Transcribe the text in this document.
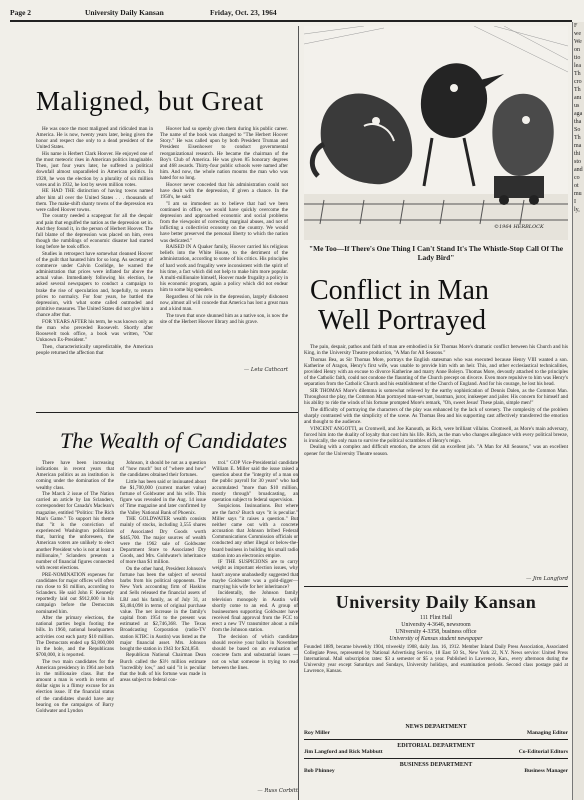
Page 2	University Daily Kansan	Friday, Oct. 23, 1964
F
we
We
on
tio
lea
Th
cro
Th
anı
us
aga
tha
So
Th
ma
thi
sto
and
co
ot
mu
I
ly,
Maligned, but Great

He was once the most maligned and ridiculed man in America. He is now, twenty years later, being given the honor and respect due only to a dead president of the United States.

His name is Herbert Clark Hoover. He enjoyed one of the most meteoric rises in American politics imaginable. Then, just four years later, he suffered a political downfall almost unparalleled in American politics. In 1928, he won the election by a plurality of six million votes and in 1932, he lost by seven million votes.

HE HAD THE distinction of having towns named after him all over the United States . . . thousands of them. The make-shift shanty towns of the depression era were called Hoover towns.

The country needed a scapegoat for all the despair and pain that engulfed the nation as the depression set in. And they found it, in the person of Herbert Hoover. The full blame of the depression was placed on him, even though the rumblings of economic disaster had started long before he took office.

Studies in retrospect have somewhat cleansed Hoover of the guilt that haunted him for so long. As secretary of commerce under Calvin Coolidge, he warned the administration that prices were inflated far above the actual value. Immediately following his election, he asked several newspapers to conduct a campaign to brake the rise of speculation and, hopefully, to return prices to normalcy. For four years, he battled the depression, with what some called outmoded and primitive measures. The United States did not give him a chance after that.

FOR YEARS AFTER his term, he was known only as the man who preceded Roosevelt. Shortly after Roosevelt took office, a book was written, "Our Unknown Ex-President."

Then, characteristically unpredictable, the American people returned the affection that

Hoover had so openly given them during his public career. The name of the book was changed to "The Herbert Hoover Story." He was called upon by both President Truman and President Eisenhower to conduct governmental reorganizational research. He became the chairman of the Boy's Club of America. He was given 85 honorary degrees and 468 awards. Thirty-four public schools were named after him. And now, the whole nation mourns the man who was hated for so long.

Hoover never conceded that his administration could not have dealt with the depression, if given a chance. In the 1950's, he said:

"I am so immodest as to believe that had we been continued in office, we would have quickly overcome the depression and approached economic and social problems from the viewpoint of correcting marginal abuses, and not of inflicting a collectivist economy on the country. We would have better preserved the personal liberty to which the nation was dedicated."

RAISED IN A Quaker family, Hoover carried his religious beliefs into the White House, to the detriment of the administration, according to some of his critics. His principles of hard work and frugality were inconsistent with the spirit of his time, a fact which did not help to make him more popular. A multi-millionaire himself, Hoover made frugality a policy in his economic program, again a policy which did not endear him to some big spenders.

Regardless of his role in the depression, largely dishonest now, almost all will concede that America has lost a great man and a kind man.

The town that once shunned him as a native son, is now the site of the Herbert Hoover library and his grave.

— Leta Cathcart
©1964 HERBLOCK
"Me Too—If There's One Thing I Can't Stand It's The Whistle-Stop Call Of The Lady Bird"
Conflict in Man
Well Portrayed

The pain, despair, pathos and faith of man are embodied in Sir Thomas More's dramatic conflict between his Church and his King, in the University Theatre production, "A Man for All Seasons."

Thomas Bea, as Sir Thomas More, portrays the English statesman who was executed because Henry VIII wanted a son. Katherine of Aragon, Henry's first wife, was unable to provide him with an heir. This, and other ecclesiastical technicalities, provided Henry with an excuse to divorce Katherine and marry Anne Boleyn. Thomas More, devoutly attached to the principles of the Catholic faith, could not condone the flaunting of the Church precept on divorce. Even more repulsive to him was Henry's separation from the Catholic Church and his establishment of the Church of England. And for his courage, he lost his head.

SIR THOMAS More's dilemma is somewhat relieved by the earthy sophistication of Dennis Dalen, as the Common Man. Throughout the play, the Common Man portrayed man-servant, boatman, juror, innkeeper and jailer. His concern for himself and his ability to ride the winds of his fortune prompted More's remark, "Oh, sweet Jesus! These plain, simple men!"

The difficulty of portraying the characters of the play was enhanced by the lack of scenery. The complexity of the problem sharply contrasted with the simplicity of the scene. As Thomas Bea and his supporting cast affectively transferred the emotion and thought to the audience.

VINCENT ANGOTTI, as Cromwell, and Joe Kanouth, as Rich, were brilliant villains. Cromwell, as More's main adversary, forced him into the duality of loyalty that cost him his life. Rich, as the man who changes allegiance with every political breeze, is ironically, the only man to survive the political scrambles of Henry's reign.

Dealing with a complex and difficult emotion, the actors did an excellent job. "A Man for All Seasons," was an excellent opener for the University Theatre season.

— Jim Langford
The Wealth of Candidates

There have been increasing indications in recent years that American politics as an institution is coming under the domination of the wealthy class.

The March 2 issue of The Nation carried an article by Ian Sclanders, correspondent for Canada's Maclean's magazine, entitled "Politics: The Rich Man's Game." To support his theme that "it is the conviction of experienced Washington politicians that, barring the unforeseen, the American voters are unlikely to elect another President who is not at least a millionaire," Sclanders presents a number of financial figures connected with recent elections.

PRE-NOMINATION expenses for candidates for major offices will often run close to $1 million, according to Sclanders. He said John F. Kennedy reportedly laid out $912,000 in his campaign before the Democrats nominated him.

After the primary elections, the national parties begin footing the bills. In 1960, national headquarters activities cost each party $10 million. The Democrats ended up $3,800,000 in the hole, and the Republicans $700,000, it is reported.

The two main candidates for the American presidency in 1964 are both in the millionaire class. But the amount a man is worth in terms of dollar signs is a flimsy excuse for an election issue. If the financial status of the candidates should have any bearing on the campaigns of Barry Goldwater and Lyndon

Johnson, it should be not as a question of "how much" but of "where and how" the candidates obtained their fortunes.

Little has been said or insinuated about the $1,700,000 (current market value) fortune of Goldwater and his wife. This figure was revealed in the Aug. 14 issue of Time magazine and later confirmed by the Valley National Bank of Phoenix.

THE GOLDWATER wealth consists mainly of stocks, including 3,555 shares of Associated Dry Goods worth $445,700. The major sources of wealth were the 1962 sale of Goldwater Department Store to Associated Dry Goods, and Mrs. Goldwater's inheritance of more than $1 million.

On the other hand, President Johnson's fortune has been the subject of several barbs from his political opponents. The New York accounting firm of Haskins and Sells released the financial assets of LBJ and his family, as of July 31, at $3,484,098 in terms of original purchase value. The net increase in the family's capital from 1954 to the present was estimated at $2,746,368. The Texas Broadcasting Corporation (radio-TV station KTBC in Austin) was listed as the major financial asset. Mrs. Johnson bought the station in 1943 for $24,850.

Republican National Chairman Dean Burch called the $3½ million estimate "incredibly low," and said "it is peculiar that the bulk of his fortune was made in areas subject to federal con-

trol." GOP Vice-Presidential candidate William E. Miller said the issue raised a question about the "integrity of a man on the public payroll for 30 years" who had accumulated "more than $10 million, mostly through" broadcasting, an operation subject to federal supervision.

Suspicions. Insinuations. But where are the facts? Burch says "it is peculiar." Miller says "it raises a question." But neither came out with a concrete accusation that Johnson bribed Federal Communications Commission officials or conducted any other illegal or below-the-board business in building his small radio station into an electronics empire.

IF THE SUSPICIONS are to carry weight as important election issues, why hasn't anyone unabashedly suggested that maybe Goldwater was a gold-digger—marrying his wife for her inheritance?

Incidentally, the Johnson family television monopoly in Austin will shortly come to an end. A group of businessmen supporting Goldwater have received final approval from the FCC to erect a new TV transmitter about a mile from the Johnson station.

The decision of which candidate should receive your ballot in November should be based on an evaluation of concrete facts and substantial issues — not on what someone is trying to read between the lines.

— Russ Corbitt
University Daily Kansan
111 Flint Hall
University 4-3646, newsroom
UNiversity 4-3358, business office
University of Kansas student newspaper
Founded 1889, became biweekly 1904, triweekly 1908, daily Jan. 16, 1912. Member Inland Daily Press Association, Associated Collegiate Press, represented by National Advertising Service, 18 East 50 St., New York 22, N.Y. News service: United Press International. Mail subscription rates: $3 a semester or $5 a year. Published in Lawrence, Kan., every afternoon during the University year except Saturdays and Sundays, University holidays, and examination periods. Second class postage paid at Lawrence, Kansas.
NEWS DEPARTMENT
Roy Miller	Managing Editor
EDITORIAL DEPARTMENT
Jim Langford and Rick Mabbutt	Co-Editorial Editors
BUSINESS DEPARTMENT
Bob Phinney	Business Manager
